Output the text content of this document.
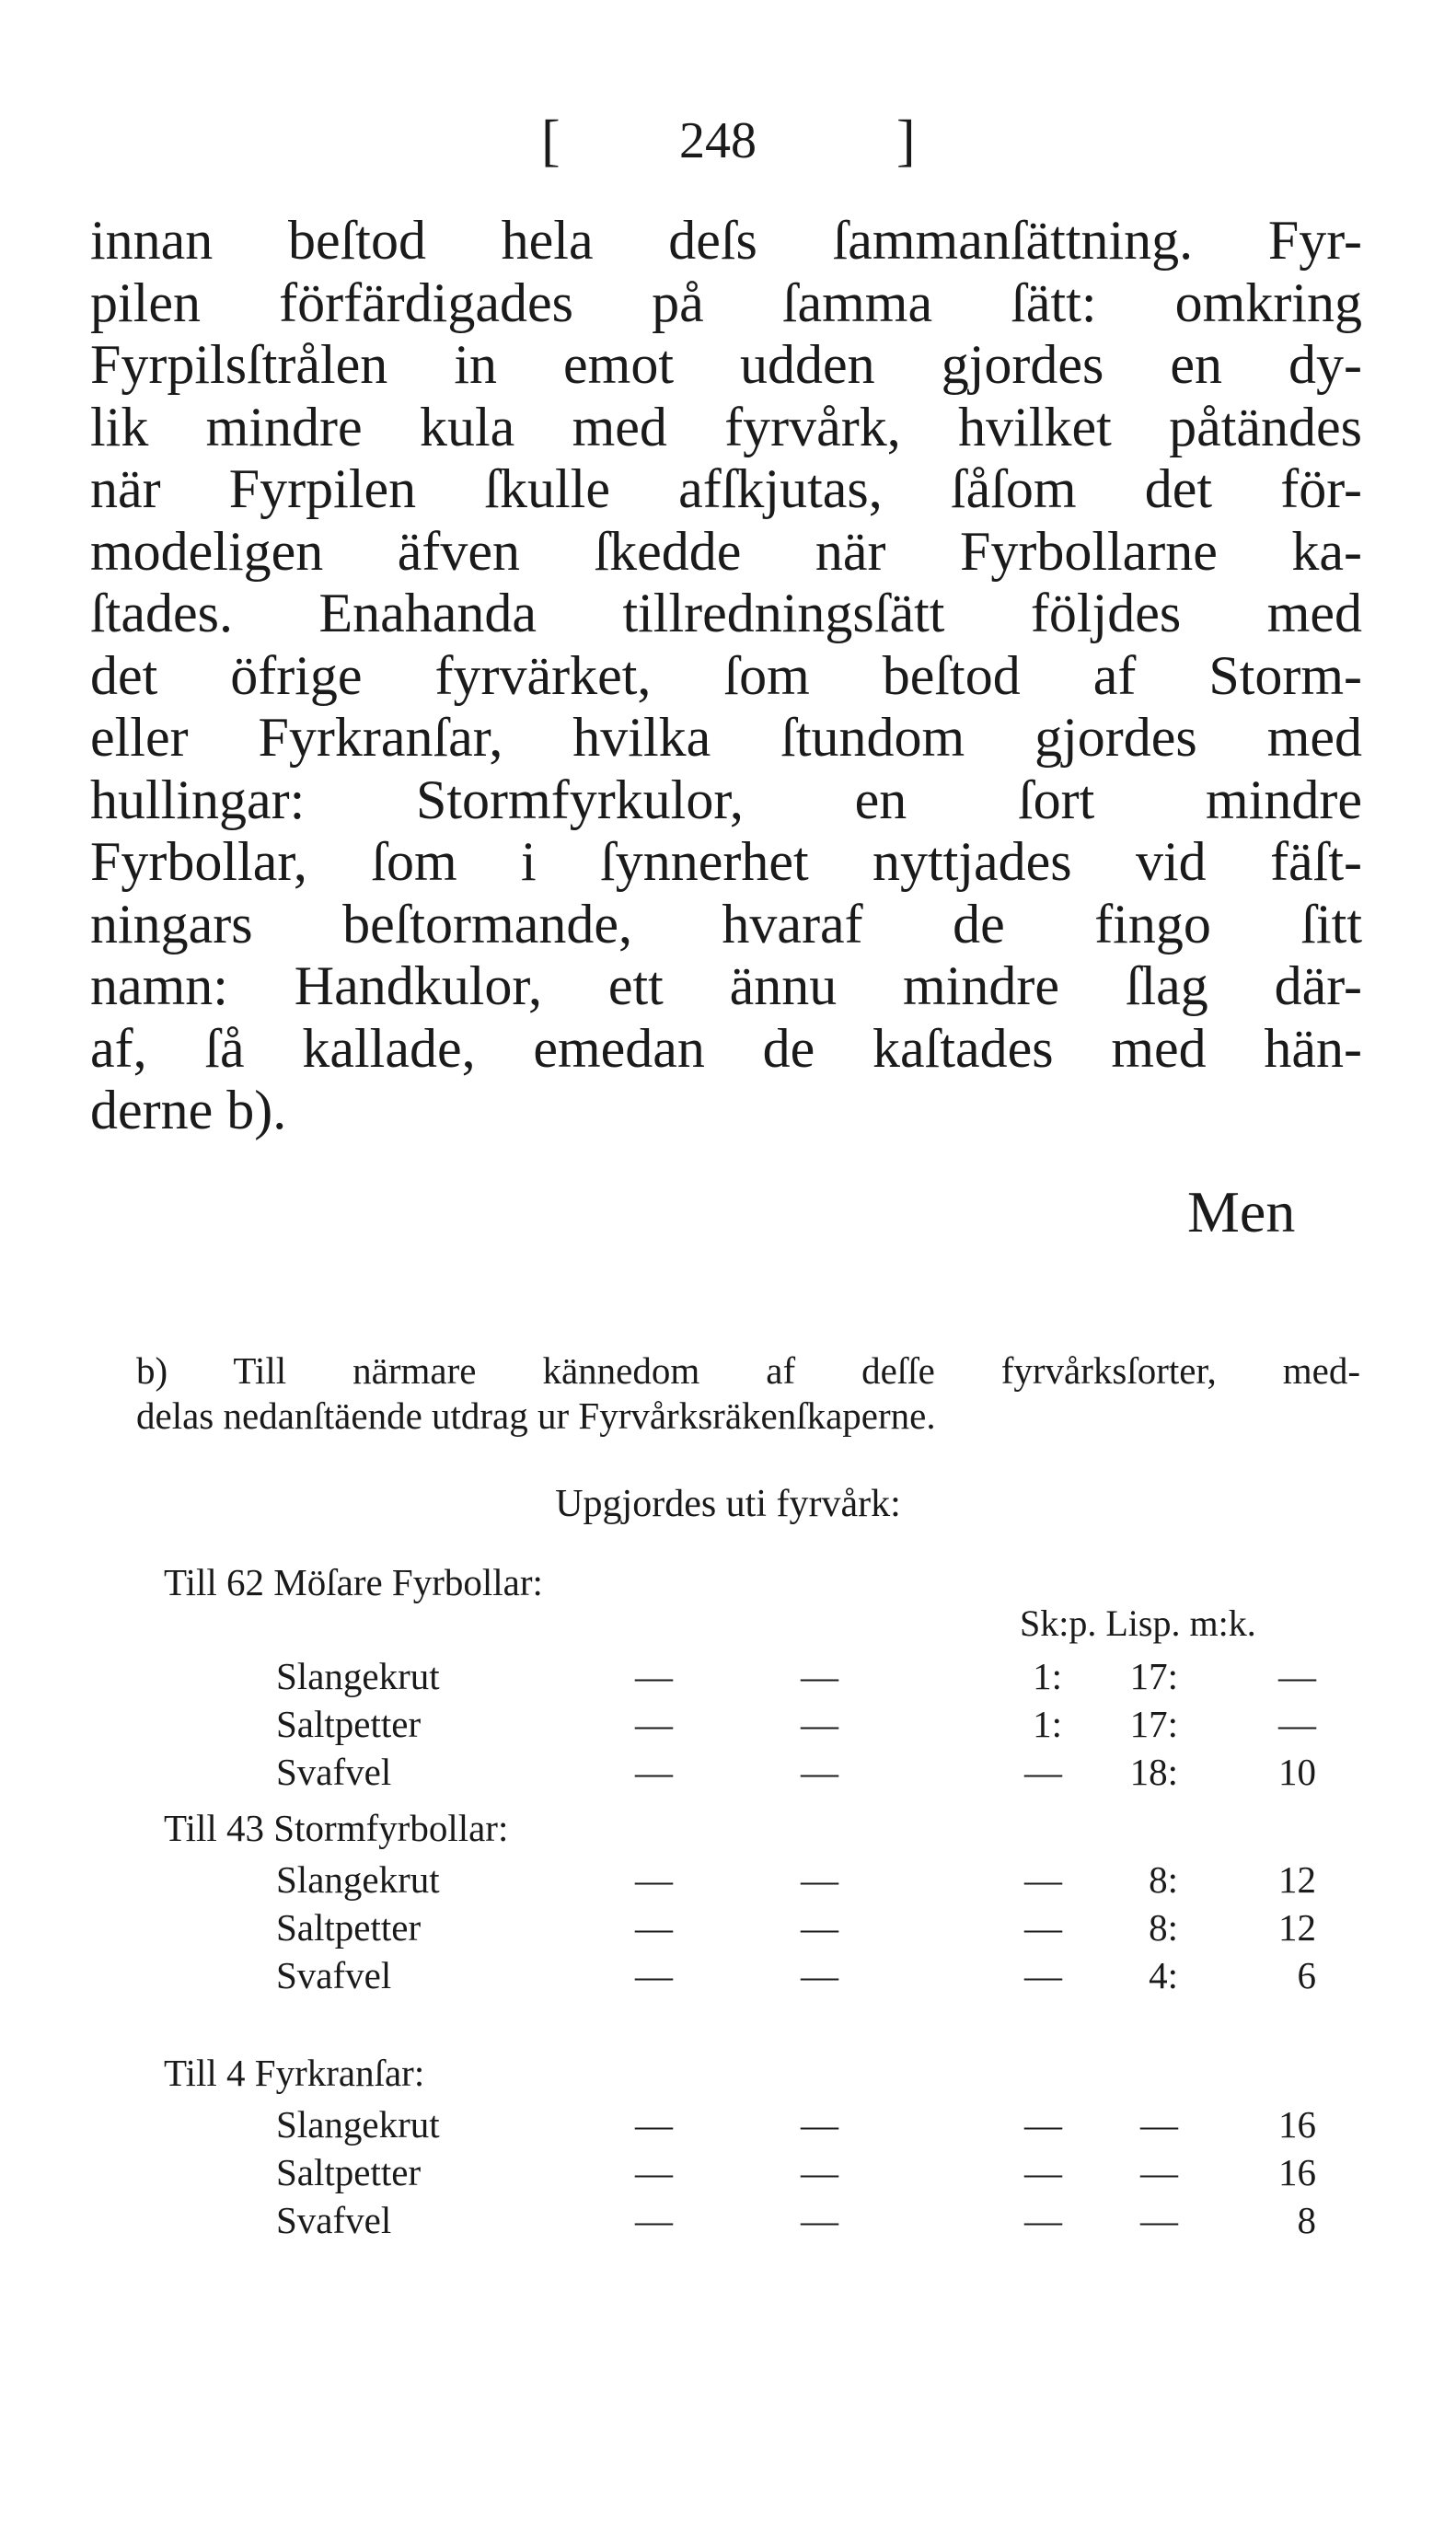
[ 248 ]
innan beſtod hela deſs ſammanſättning. Fyr-
pilen förfärdigades på ſamma ſätt: omkring
Fyrpilsſtrålen in emot udden gjordes en dy-
lik mindre kula med fyrvårk, hvilket påtändes
när Fyrpilen ſkulle afſkjutas, ſåſom det för-
modeligen äfven ſkedde när Fyrbollarne ka-
ſtades. Enahanda tillredningsſätt följdes med
det öfrige fyrvärket, ſom beſtod af Storm-
eller Fyrkranſar, hvilka ſtundom gjordes med
hullingar: Stormfyrkulor, en ſort mindre
Fyrbollar, ſom i ſynnerhet nyttjades vid fäſt-
ningars beſtormande, hvaraf de fingo ſitt
namn: Handkulor, ett ännu mindre ſlag där-
af, ſå kallade, emedan de kaſtades med hän-
derne b).
Men
b) Till närmare kännedom af deſſe fyrvårksſorter, med-
delas nedanſtäende utdrag ur Fyrvårksräkenſkaperne.
Upgjordes uti fyrvårk:
Sk:p. Lisp. m:k.
Till 62 Möſare Fyrbollar:
Slangekrut	—	—	1:	17:	—
Saltpetter	—	—	1:	17:	—
Svafvel	—	—	—	18:	10
Till 43 Stormfyrbollar:
Slangekrut	—	—	—	8:	12
Saltpetter	—	—	—	8:	12
Svafvel	—	—	—	4:	6
Till 4 Fyrkranſar:
Slangekrut	—	—	—	—	16
Saltpetter	—	—	—	—	16
Svafvel	—	—	—	—	8
